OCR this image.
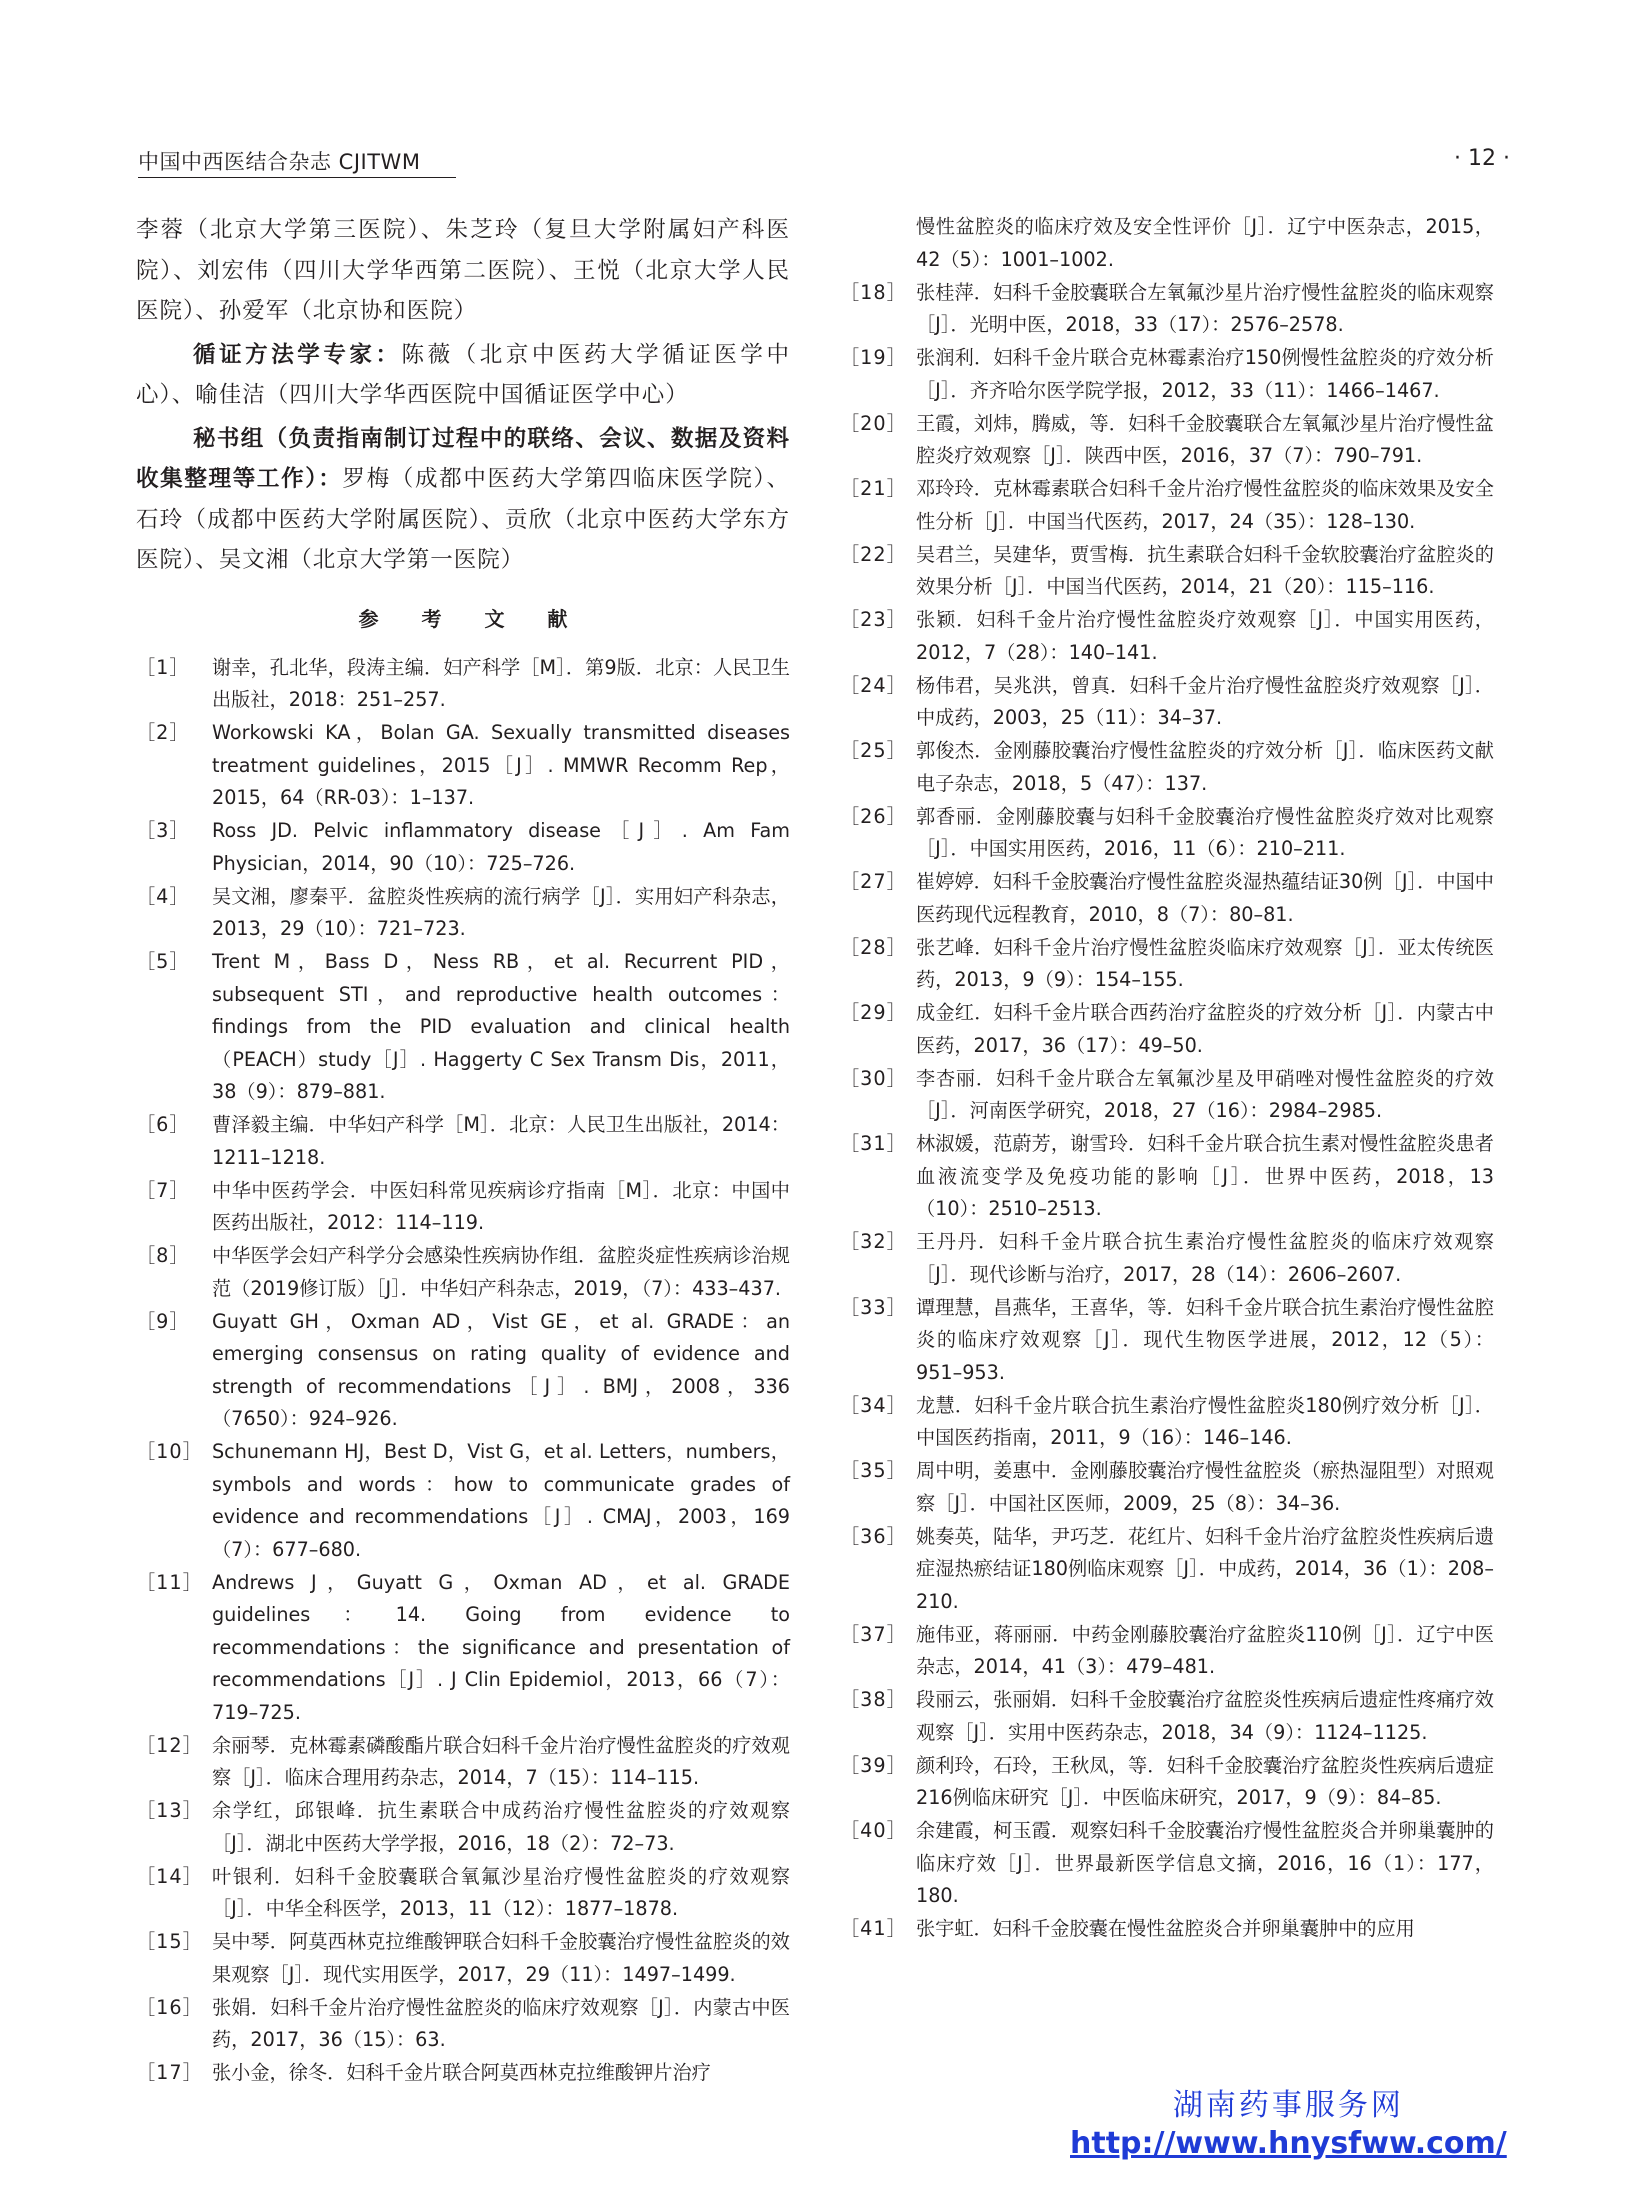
中国中西医结合杂志 CJITWM	· 12 ·

李蓉（北京大学第三医院）、朱芝玲（复旦大学附属妇产科医院）、刘宏伟（四川大学华西第二医院）、王悦（北京大学人民医院）、孙爱军（北京协和医院）

循证方法学专家：陈薇（北京中医药大学循证医学中心）、喻佳洁（四川大学华西医院中国循证医学中心）

秘书组（负责指南制订过程中的联络、会议、数据及资料收集整理等工作）：罗梅（成都中医药大学第四临床医学院）、石玲（成都中医药大学附属医院）、贡欣（北京中医药大学东方医院）、吴文湘（北京大学第一医院）

参 考 文 献
［1］ 谢幸，孔北华，段涛主编．妇产科学［M］．第9版．北京：人民卫生出版社，2018：251–257.
［2］ Workowski KA，Bolan GA. Sexually transmitted diseases treatment guidelines，2015［J］. MMWR Recomm Rep，2015，64（RR-03）：1–137.
［3］ Ross JD. Pelvic inflammatory disease［J］. Am Fam Physician，2014，90（10）：725–726.
［4］ 吴文湘，廖秦平．盆腔炎性疾病的流行病学［J］．实用妇产科杂志，2013，29（10）：721–723.
［5］ Trent M，Bass D，Ness RB，et al. Recurrent PID，subsequent STI，and reproductive health outcomes：findings from the PID evaluation and clinical health（PEACH）study［J］. Haggerty C Sex Transm Dis，2011，38（9）：879–881.
［6］ 曹泽毅主编．中华妇产科学［M］．北京：人民卫生出版社，2014：1211–1218.
［7］ 中华中医药学会．中医妇科常见疾病诊疗指南［M］．北京：中国中医药出版社，2012：114–119.
［8］ 中华医学会妇产科学分会感染性疾病协作组．盆腔炎症性疾病诊治规范（2019修订版）［J］．中华妇产科杂志，2019，（7）：433–437.
［9］ Guyatt GH，Oxman AD，Vist GE，et al. GRADE：an emerging consensus on rating quality of evidence and strength of recommendations［J］. BMJ，2008，336（7650）：924–926.
［10］ Schunemann HJ，Best D，Vist G，et al. Letters，numbers，symbols and words：how to communicate grades of evidence and recommendations［J］. CMAJ，2003，169（7）：677–680.
［11］ Andrews J，Guyatt G，Oxman AD，et al. GRADE guidelines：14. Going from evidence to recommendations：the significance and presentation of recommendations［J］. J Clin Epidemiol，2013，66（7）：719–725.
［12］ 余丽琴．克林霉素磷酸酯片联合妇科千金片治疗慢性盆腔炎的疗效观察［J］．临床合理用药杂志，2014，7（15）：114–115.
［13］ 余学红，邱银峰．抗生素联合中成药治疗慢性盆腔炎的疗效观察［J］．湖北中医药大学学报，2016，18（2）：72–73.
［14］ 叶银利．妇科千金胶囊联合氧氟沙星治疗慢性盆腔炎的疗效观察［J］．中华全科医学，2013，11（12）：1877–1878.
［15］ 吴中琴．阿莫西林克拉维酸钾联合妇科千金胶囊治疗慢性盆腔炎的效果观察［J］．现代实用医学，2017，29（11）：1497–1499.
［16］ 张娟．妇科千金片治疗慢性盆腔炎的临床疗效观察［J］．内蒙古中医药，2017，36（15）：63.
［17］ 张小金，徐冬．妇科千金片联合阿莫西林克拉维酸钾片治疗
慢性盆腔炎的临床疗效及安全性评价［J］．辽宁中医杂志，2015，42（5）：1001–1002.
［18］ 张桂萍．妇科千金胶囊联合左氧氟沙星片治疗慢性盆腔炎的临床观察［J］．光明中医，2018，33（17）：2576–2578.
［19］ 张润利．妇科千金片联合克林霉素治疗150例慢性盆腔炎的疗效分析［J］．齐齐哈尔医学院学报，2012，33（11）：1466–1467.
［20］ 王霞，刘炜，腾威，等．妇科千金胶囊联合左氧氟沙星片治疗慢性盆腔炎疗效观察［J］．陕西中医，2016，37（7）：790–791.
［21］ 邓玲玲．克林霉素联合妇科千金片治疗慢性盆腔炎的临床效果及安全性分析［J］．中国当代医药，2017，24（35）：128–130.
［22］ 吴君兰，吴建华，贾雪梅．抗生素联合妇科千金软胶囊治疗盆腔炎的效果分析［J］．中国当代医药，2014，21（20）：115–116.
［23］ 张颖．妇科千金片治疗慢性盆腔炎疗效观察［J］．中国实用医药，2012，7（28）：140–141.
［24］ 杨伟君，吴兆洪，曾真．妇科千金片治疗慢性盆腔炎疗效观察［J］．中成药，2003，25（11）：34–37.
［25］ 郭俊杰．金刚藤胶囊治疗慢性盆腔炎的疗效分析［J］．临床医药文献电子杂志，2018，5（47）：137.
［26］ 郭香丽．金刚藤胶囊与妇科千金胶囊治疗慢性盆腔炎疗效对比观察［J］．中国实用医药，2016，11（6）：210–211.
［27］ 崔婷婷．妇科千金胶囊治疗慢性盆腔炎湿热蕴结证30例［J］．中国中医药现代远程教育，2010，8（7）：80–81.
［28］ 张艺峰．妇科千金片治疗慢性盆腔炎临床疗效观察［J］．亚太传统医药，2013，9（9）：154–155.
［29］ 成金红．妇科千金片联合西药治疗盆腔炎的疗效分析［J］．内蒙古中医药，2017，36（17）：49–50.
［30］ 李杏丽．妇科千金片联合左氧氟沙星及甲硝唑对慢性盆腔炎的疗效［J］．河南医学研究，2018，27（16）：2984–2985.
［31］ 林淑媛，范蔚芳，谢雪玲．妇科千金片联合抗生素对慢性盆腔炎患者血液流变学及免疫功能的影响［J］．世界中医药，2018，13（10）：2510–2513.
［32］ 王丹丹．妇科千金片联合抗生素治疗慢性盆腔炎的临床疗效观察［J］．现代诊断与治疗，2017，28（14）：2606–2607.
［33］ 谭理慧，昌燕华，王喜华，等．妇科千金片联合抗生素治疗慢性盆腔炎的临床疗效观察［J］．现代生物医学进展，2012，12（5）：951–953.
［34］ 龙慧．妇科千金片联合抗生素治疗慢性盆腔炎180例疗效分析［J］．中国医药指南，2011，9（16）：146–146.
［35］ 周中明，姜惠中．金刚藤胶囊治疗慢性盆腔炎（瘀热湿阻型）对照观察［J］．中国社区医师，2009，25（8）：34–36.
［36］ 姚奏英，陆华，尹巧芝．花红片、妇科千金片治疗盆腔炎性疾病后遗症湿热瘀结证180例临床观察［J］．中成药，2014，36（1）：208–210.
［37］ 施伟亚，蒋丽丽．中药金刚藤胶囊治疗盆腔炎110例［J］．辽宁中医杂志，2014，41（3）：479–481.
［38］ 段丽云，张丽娟．妇科千金胶囊治疗盆腔炎性疾病后遗症性疼痛疗效观察［J］．实用中医药杂志，2018，34（9）：1124–1125.
［39］ 颜利玲，石玲，王秋凤，等．妇科千金胶囊治疗盆腔炎性疾病后遗症216例临床研究［J］．中医临床研究，2017，9（9）：84–85.
［40］ 余建霞，柯玉霞．观察妇科千金胶囊治疗慢性盆腔炎合并卵巢囊肿的临床疗效［J］．世界最新医学信息文摘，2016，16（1）：177，180.
［41］ 张宇虹．妇科千金胶囊在慢性盆腔炎合并卵巢囊肿中的应用
湖南药事服务网
http://www.hnysfww.com/
